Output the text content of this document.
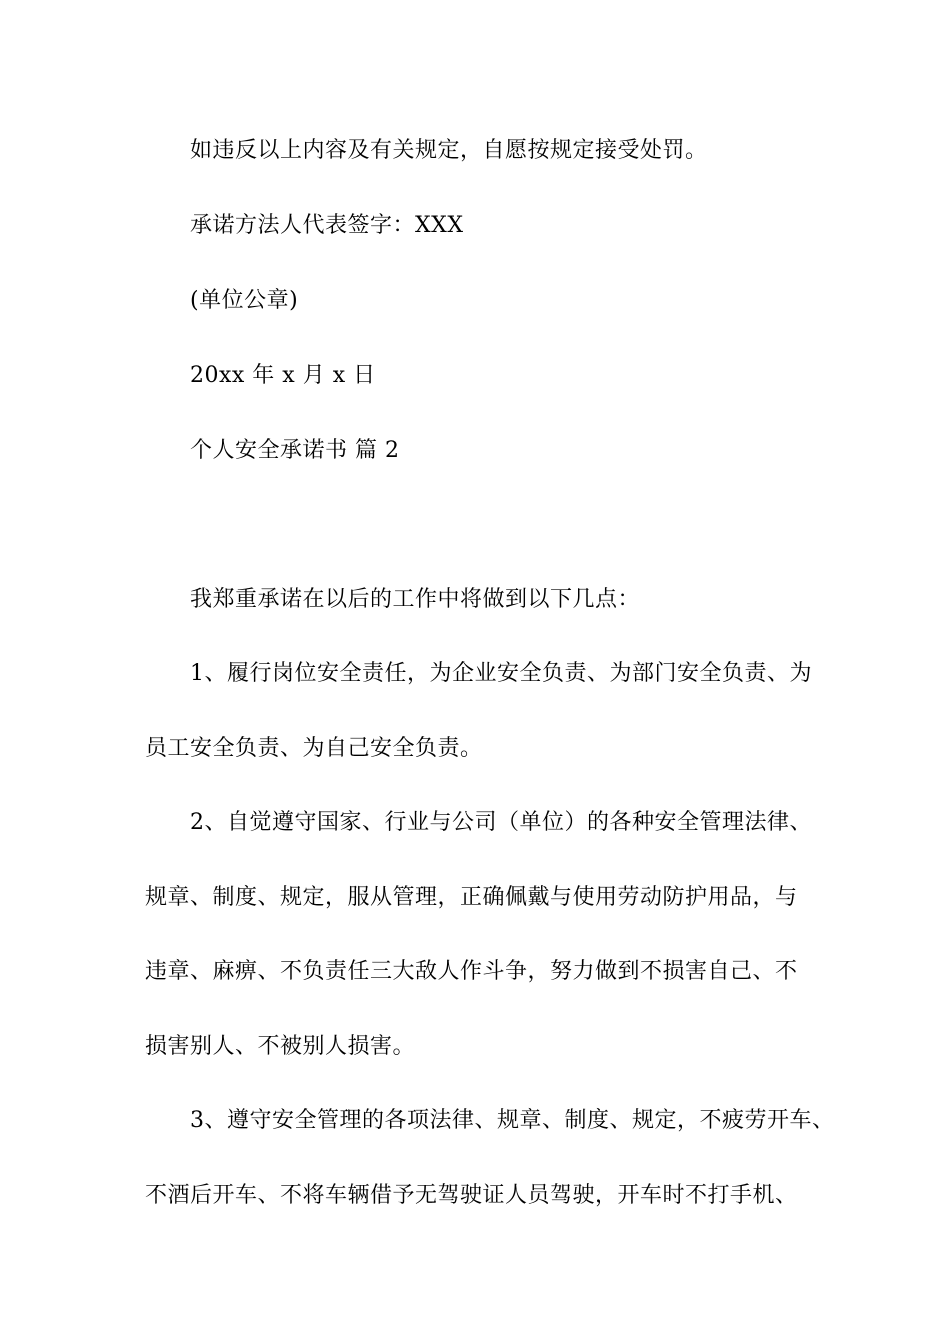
如违反以上内容及有关规定，自愿按规定接受处罚。
承诺方法人代表签字：XXX
(单位公章)
20xx 年 x 月 x 日
个人安全承诺书 篇 2
我郑重承诺在以后的工作中将做到以下几点：
1、履行岗位安全责任，为企业安全负责、为部门安全负责、为
员工安全负责、为自己安全负责。
2、自觉遵守国家、行业与公司（单位）的各种安全管理法律、
规章、制度、规定，服从管理，正确佩戴与使用劳动防护用品，与
违章、麻痹、不负责任三大敌人作斗争，努力做到不损害自己、不
损害别人、不被别人损害。
3、遵守安全管理的各项法律、规章、制度、规定，不疲劳开车、
不酒后开车、不将车辆借予无驾驶证人员驾驶，开车时不打手机、
